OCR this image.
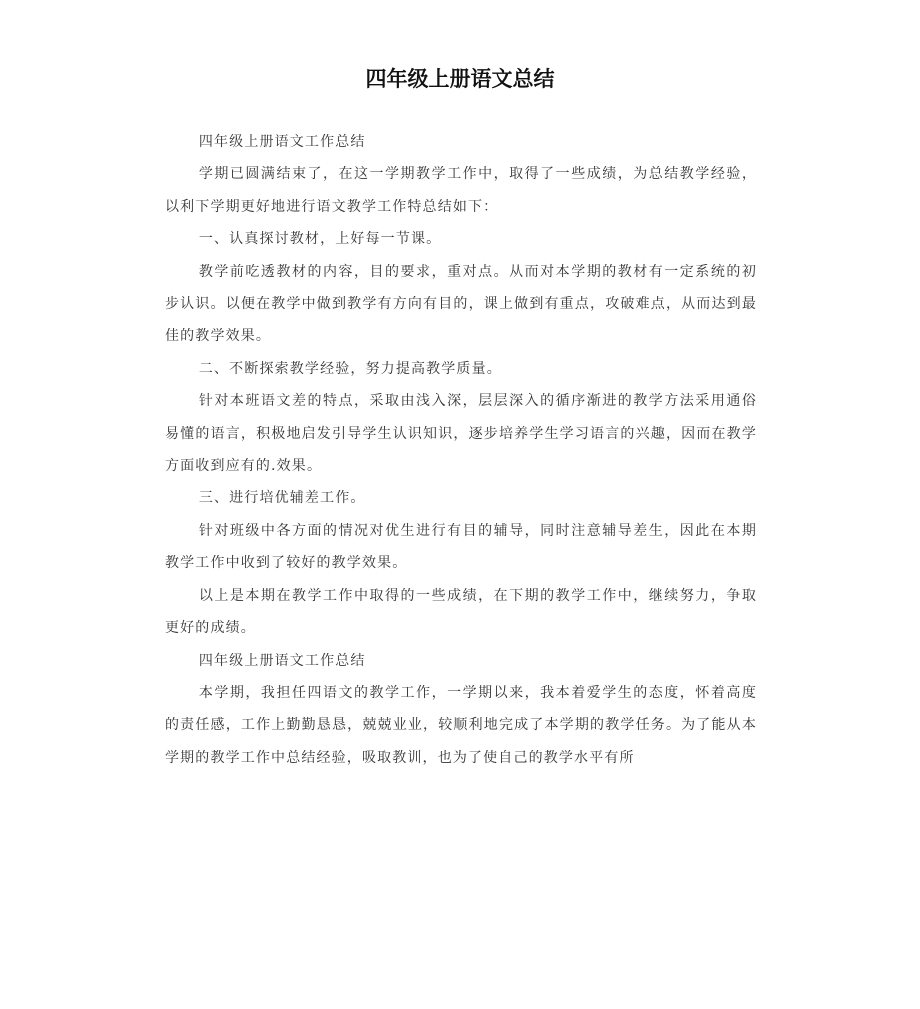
四年级上册语文总结

四年级上册语文工作总结

学期已圆满结束了，在这一学期教学工作中，取得了一些成绩，为总结教学经验，以利下学期更好地进行语文教学工作特总结如下：

一、认真探讨教材，上好每一节课。

教学前吃透教材的内容，目的要求，重对点。从而对本学期的教材有一定系统的初步认识。以便在教学中做到教学有方向有目的，课上做到有重点，攻破难点，从而达到最佳的教学效果。

二、不断探索教学经验，努力提高教学质量。

针对本班语文差的特点，采取由浅入深，层层深入的循序渐进的教学方法采用通俗易懂的语言，积极地启发引导学生认识知识，逐步培养学生学习语言的兴趣，因而在教学方面收到应有的.效果。

三、进行培优辅差工作。

针对班级中各方面的情况对优生进行有目的辅导，同时注意辅导差生，因此在本期教学工作中收到了较好的教学效果。

以上是本期在教学工作中取得的一些成绩，在下期的教学工作中，继续努力，争取更好的成绩。

四年级上册语文工作总结

本学期，我担任四语文的教学工作，一学期以来，我本着爱学生的态度，怀着高度的责任感，工作上勤勤恳恳，兢兢业业，较顺利地完成了本学期的教学任务。为了能从本学期的教学工作中总结经验，吸取教训，也为了使自己的教学水平有所
